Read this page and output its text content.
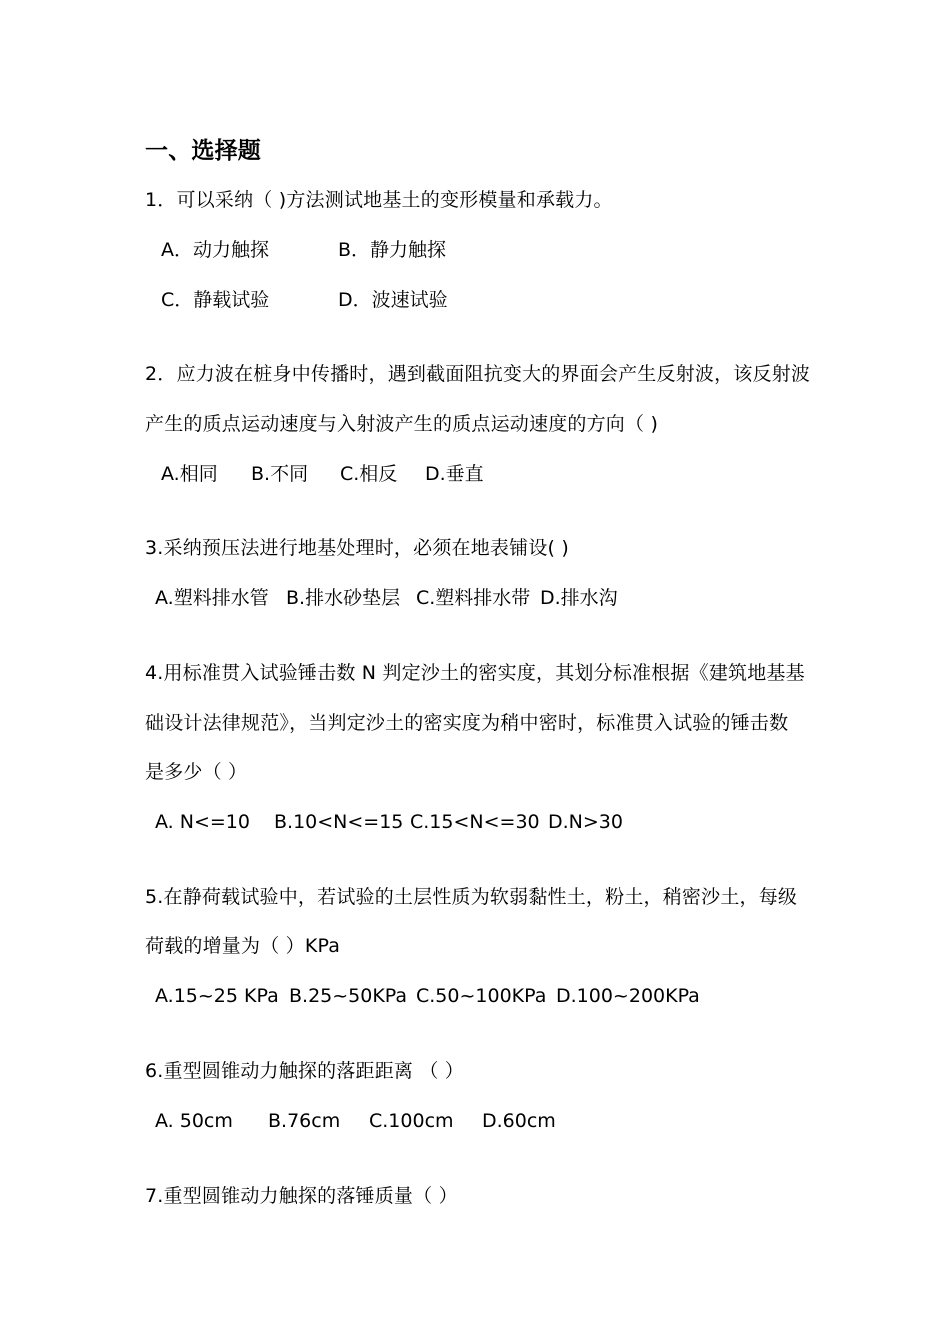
一、选择题
1．可以采纳（ )方法测试地基土的变形模量和承载力。
A．动力触探	B．静力触探
C．静载试验	D．波速试验
2．应力波在桩身中传播时，遇到截面阻抗变大的界面会产生反射波，该反射波
产生的质点运动速度与入射波产生的质点运动速度的方向（ )
A.相同 B.不同 C.相反 D.垂直
3.采纳预压法进行地基处理时，必须在地表铺设( )
A.塑料排水管 B.排水砂垫层 C.塑料排水带 D.排水沟
4.用标准贯入试验锤击数 N 判定沙土的密实度，其划分标准根据《建筑地基基
础设计法律规范》，当判定沙土的密实度为稍中密时，标准贯入试验的锤击数
是多少（ ）
A. N<=10 B.10<N<=15 C.15<N<=30 D.N>30
5.在静荷载试验中，若试验的土层性质为软弱黏性土，粉土，稍密沙土，每级
荷载的增量为（ ）KPa
A.15~25 KPa B.25~50KPa C.50~100KPa D.100~200KPa
6.重型圆锥动力触探的落距距离 （ ）
A. 50cm B.76cm C.100cm D.60cm
7.重型圆锥动力触探的落锤质量（ ）
